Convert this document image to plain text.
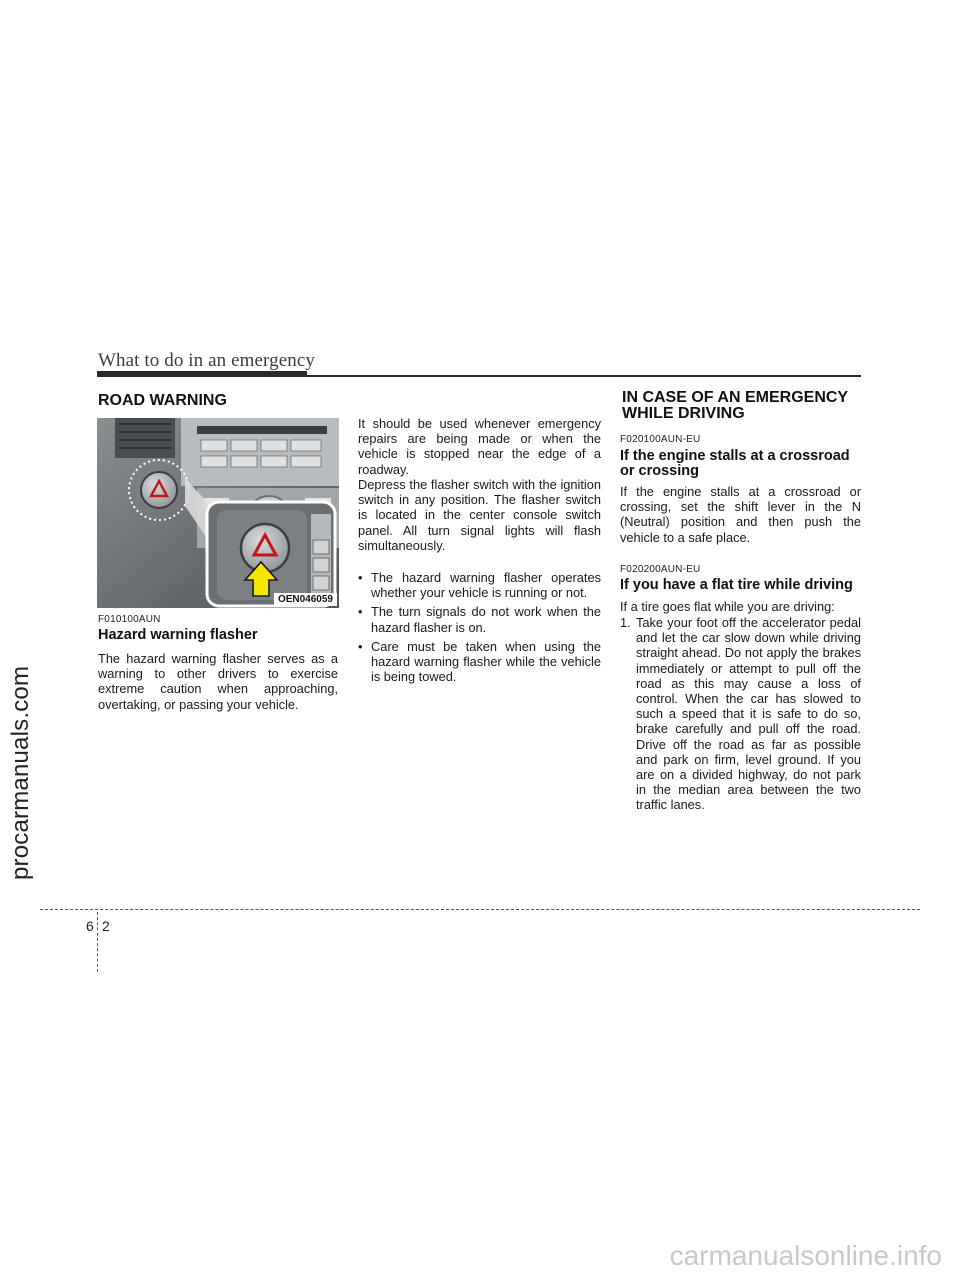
What to do in an emergency
ROAD WARNING
OEN046059
F010100AUN
Hazard warning flasher
The hazard warning flasher serves as a warning to other drivers to exercise extreme caution when approaching, overtaking, or passing your vehicle.
It should be used whenever emergency repairs are being made or when the vehicle is stopped near the edge of a roadway.
Depress the flasher switch with the ignition switch in any position. The flasher switch is located in the center console switch panel. All turn signal lights will flash simultaneously.
• The hazard warning flasher operates whether your vehicle is running or not.
• The turn signals do not work when the hazard flasher is on.
• Care must be taken when using the hazard warning flasher while the vehicle is being towed.
IN CASE OF AN EMERGENCY
WHILE DRIVING
F020100AUN-EU
If the engine stalls at a crossroad
or crossing
If the engine stalls at a crossroad or crossing, set the shift lever in the N (Neutral) position and then push the vehicle to a safe place.
F020200AUN-EU
If you have a flat tire while driving
If a tire goes flat while you are driving:
1. Take your foot off the accelerator pedal and let the car slow down while driving straight ahead. Do not apply the brakes immediately or attempt to pull off the road as this may cause a loss of control. When the car has slowed to such a speed that it is safe to do so, brake carefully and pull off the road. Drive off the road as far as possible and park on firm, level ground. If you are on a divided highway, do not park in the median area between the two traffic lanes.
6 2
procarmanuals.com
carmanualsonline.info
